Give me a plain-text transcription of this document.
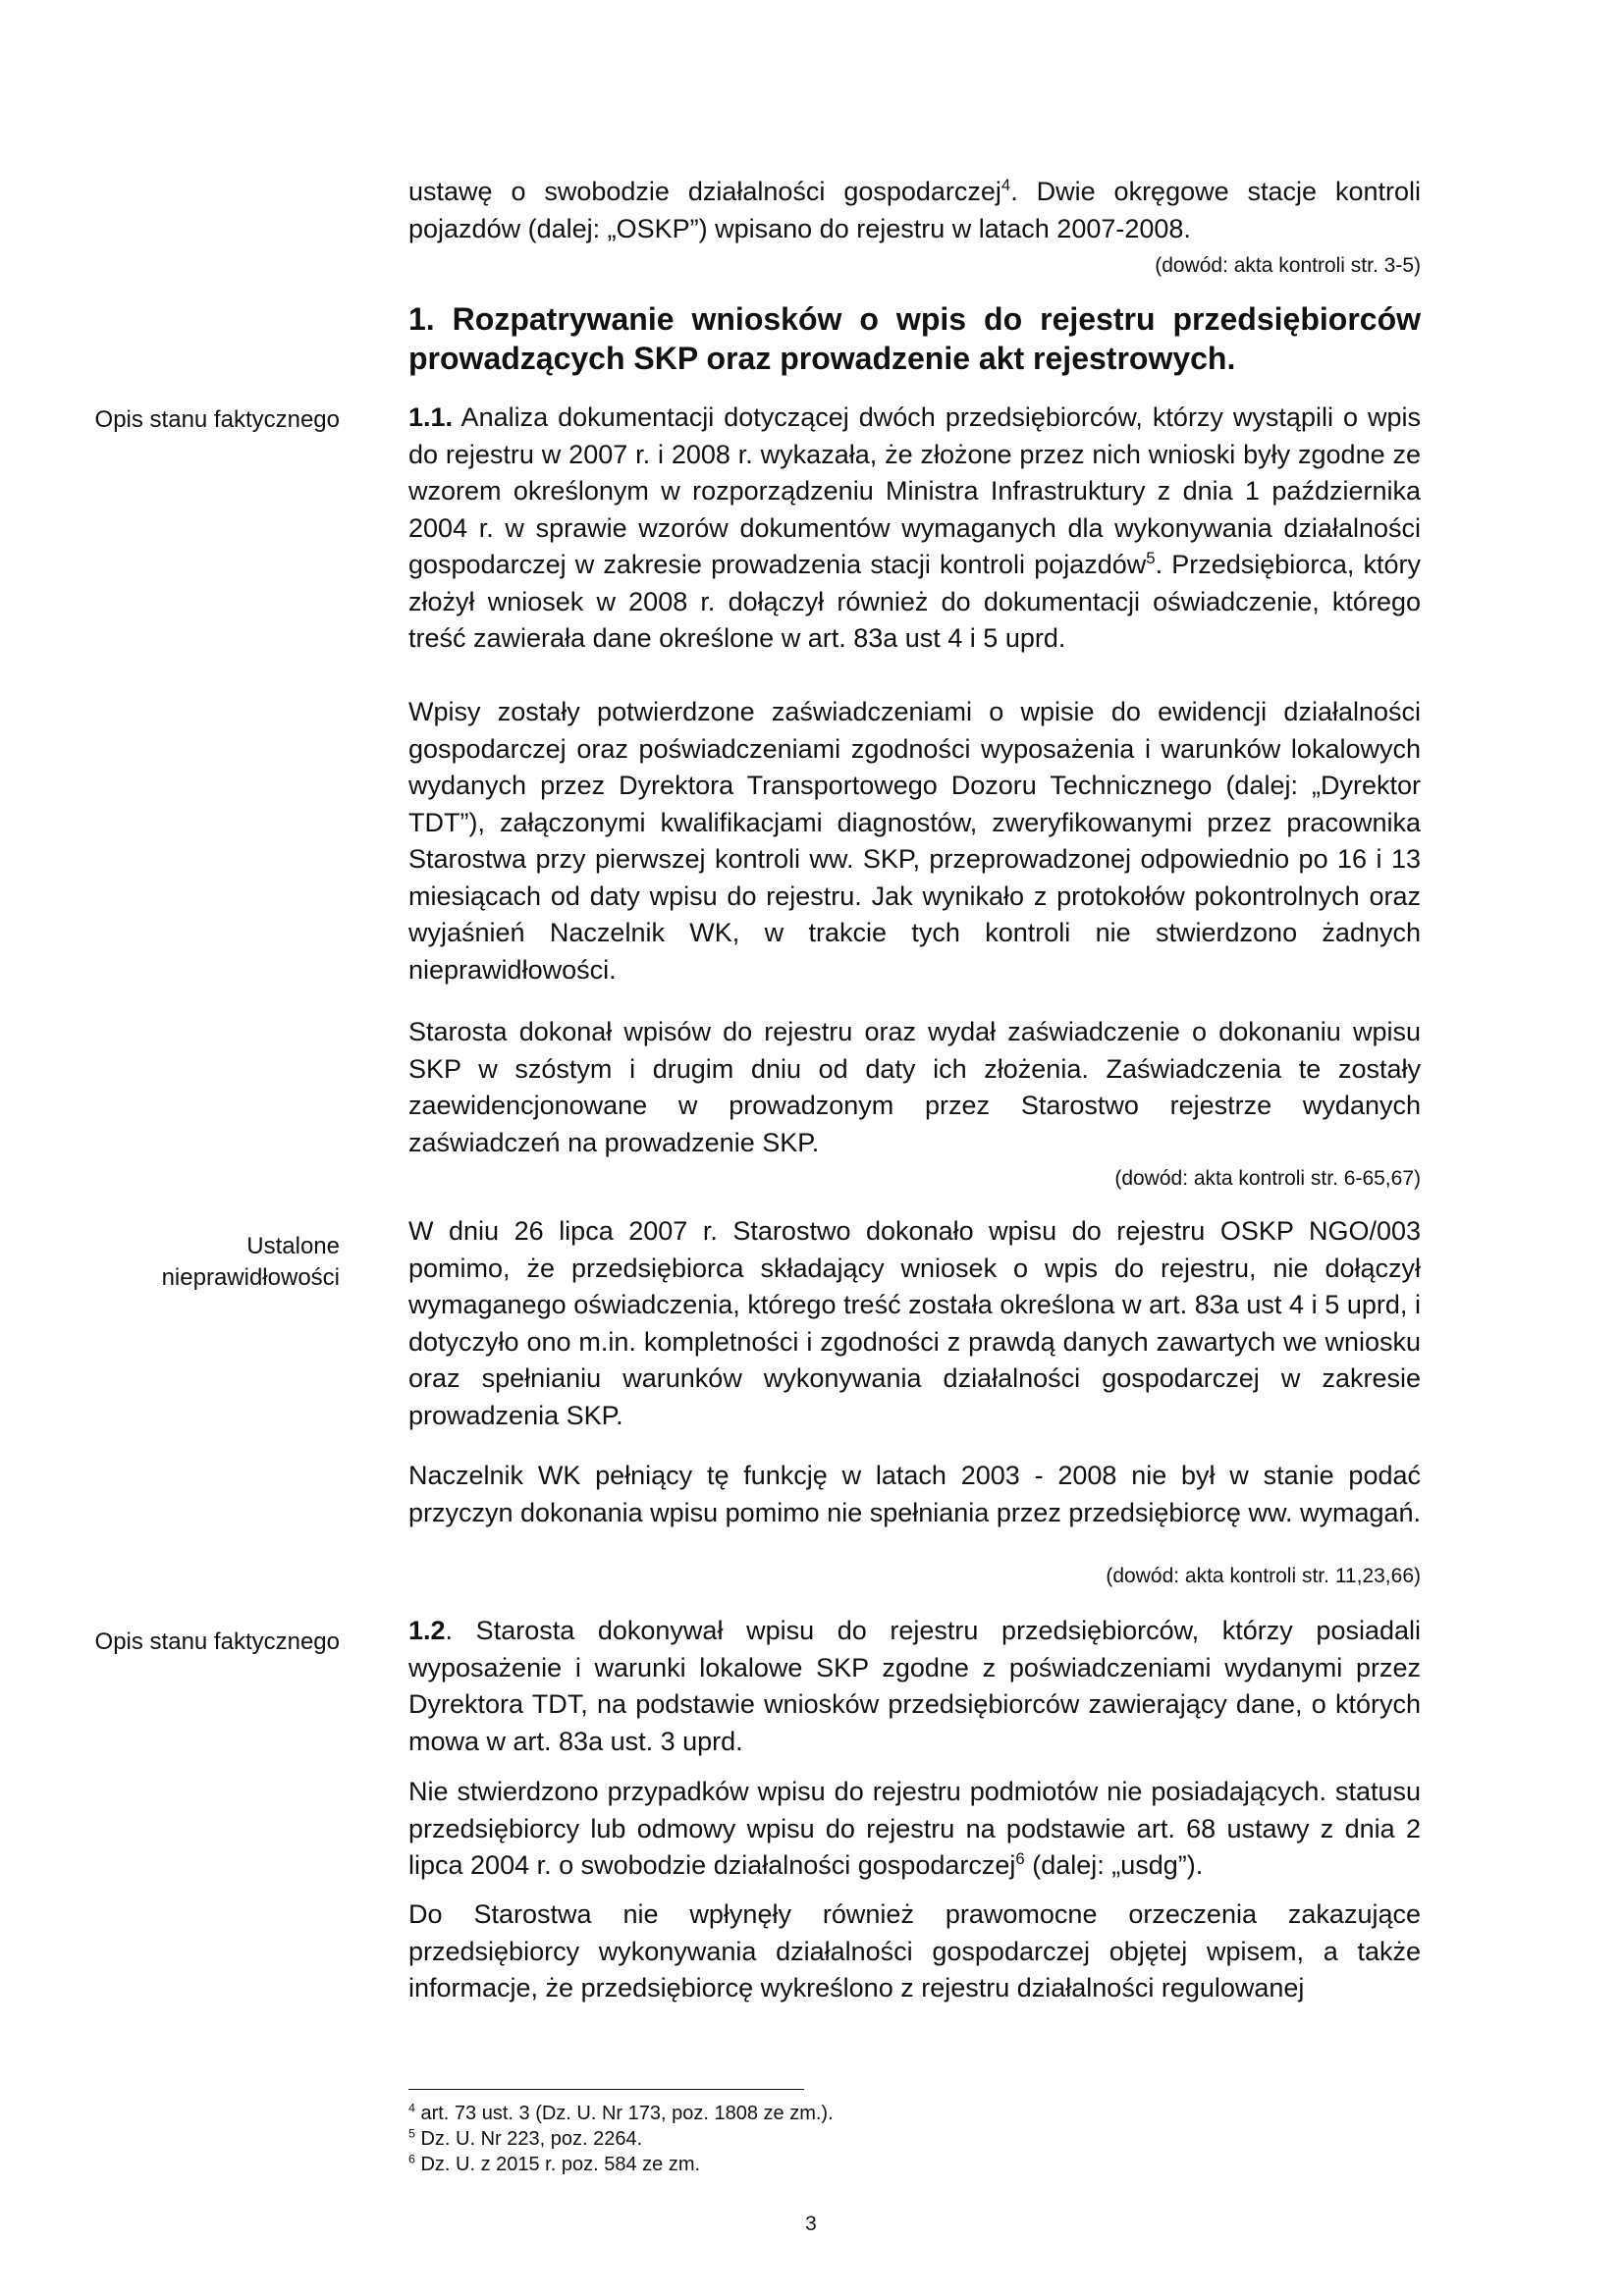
ustawę o swobodzie działalności gospodarczej$^4$. Dwie okręgowe stacje kontroli pojazdów (dalej: „OSKP”) wpisano do rejestru w latach 2007-2008.

(dowód: akta kontroli str. 3-5)

1. Rozpatrywanie wniosków o wpis do rejestru przedsiębiorców prowadzących SKP oraz prowadzenie akt rejestrowych.

Opis stanu faktycznego

Ustalone nieprawidłowości

Opis stanu faktycznego

1.1. Analiza dokumentacji dotyczącej dwóch przedsiębiorców, którzy wystąpili o wpis do rejestru w 2007 r. i 2008 r. wykazała, że złożone przez nich wnioski były zgodne ze wzorem określonym w rozporządzeniu Ministra Infrastruktury z dnia 1 października 2004 r. w sprawie wzorów dokumentów wymaganych dla wykonywania działalności gospodarczej w zakresie prowadzenia stacji kontroli pojazdów$^5$. Przedsiębiorca, który złożył wniosek w 2008 r. dołączył również do dokumentacji oświadczenie, którego treść zawierała dane określone w art. 83a ust 4 i 5 uprd.

Wpisy zostały potwierdzone zaświadczeniami o wpisie do ewidencji działalności gospodarczej oraz poświadczeniami zgodności wyposażenia i warunków lokalowych wydanych przez Dyrektora Transportowego Dozoru Technicznego (dalej: „Dyrektor TDT”), załączonymi kwalifikacjami diagnostów, zweryfikowanymi przez pracownika Starostwa przy pierwszej kontroli ww. SKP, przeprowadzonej odpowiednio po 16 i 13 miesiącach od daty wpisu do rejestru. Jak wynikało z protokołów pokontrolnych oraz wyjaśnień Naczelnik WK, w trakcie tych kontroli nie stwierdzono żadnych nieprawidłowości.

Starosta dokonał wpisów do rejestru oraz wydał zaświadczenie o dokonaniu wpisu SKP w szóstym i drugim dniu od daty ich złożenia. Zaświadczenia te zostały zaewidencjonowane w prowadzonym przez Starostwo rejestrze wydanych zaświadczeń na prowadzenie SKP.

(dowód: akta kontroli str. 6-65,67)

W dniu 26 lipca 2007 r. Starostwo dokonało wpisu do rejestru OSKP NGO/003 pomimo, że przedsiębiorca składający wniosek o wpis do rejestru, nie dołączył wymaganego oświadczenia, którego treść została określona w art. 83a ust 4 i 5 uprd, i dotyczyło ono m.in. kompletności i zgodności z prawdą danych zawartych we wniosku oraz spełnianiu warunków wykonywania działalności gospodarczej w zakresie prowadzenia SKP.

Naczelnik WK pełniący tę funkcję w latach 2003 - 2008 nie był w stanie podać przyczyn dokonania wpisu pomimo nie spełniania przez przedsiębiorcę ww. wymagań.

(dowód: akta kontroli str. 11,23,66)

1.2. Starosta dokonywał wpisu do rejestru przedsiębiorców, którzy posiadali wyposażenie i warunki lokalowe SKP zgodne z poświadczeniami wydanymi przez Dyrektora TDT, na podstawie wniosków przedsiębiorców zawierający dane, o których mowa w art. 83a ust. 3 uprd.

Nie stwierdzono przypadków wpisu do rejestru podmiotów nie posiadających. statusu przedsiębiorcy lub odmowy wpisu do rejestru na podstawie art. 68 ustawy z dnia 2 lipca 2004 r. o swobodzie działalności gospodarczej$^6$ (dalej: „usdg”).

Do Starostwa nie wpłynęły również prawomocne orzeczenia zakazujące przedsiębiorcy wykonywania działalności gospodarczej objętej wpisem, a także informacje, że przedsiębiorcę wykreślono z rejestru działalności regulowanej

$^4$ art. 73 ust. 3 (Dz. U. Nr 173, poz. 1808 ze zm.).

$^5$ Dz. U. Nr 223, poz. 2264.

$^6$ Dz. U. z 2015 r. poz. 584 ze zm.

3
